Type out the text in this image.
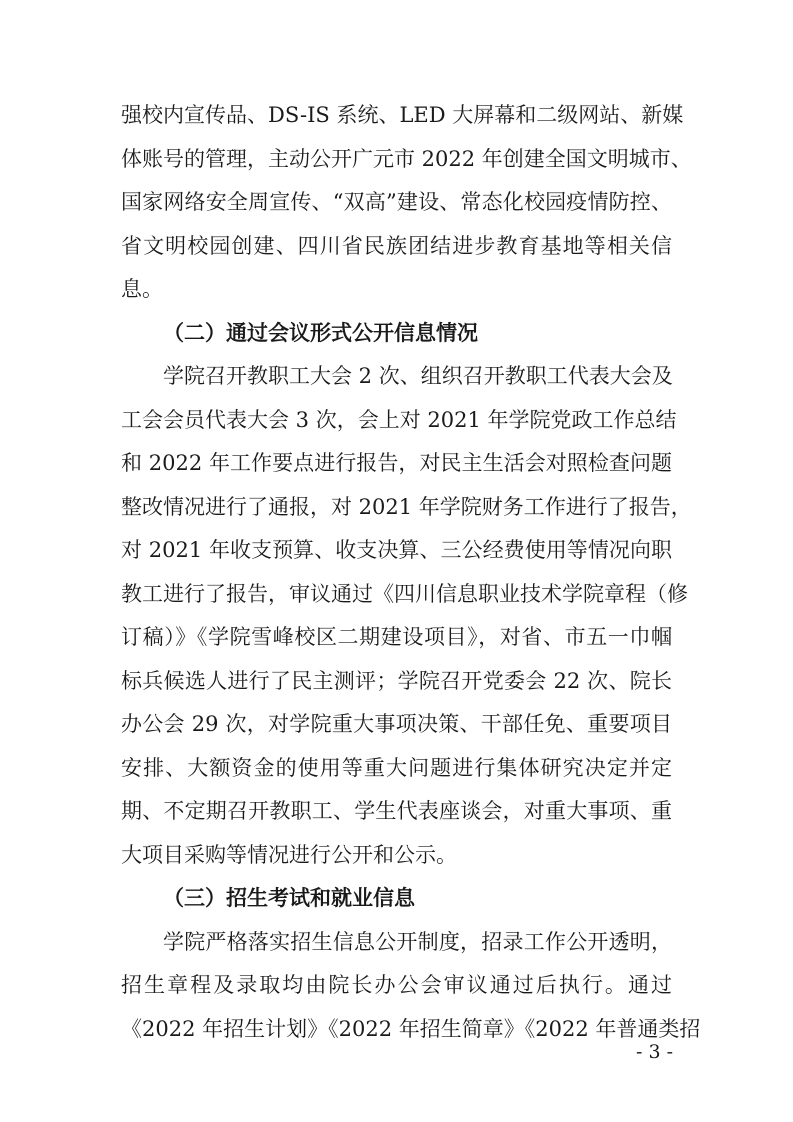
强校内宣传品、DS-IS 系统、LED 大屏幕和二级网站、新媒
体账号的管理，主动公开广元市 2022 年创建全国文明城市、
国家网络安全周宣传、“双高”建设、常态化校园疫情防控、
省文明校园创建、四川省民族团结进步教育基地等相关信
息。
（二）通过会议形式公开信息情况
学院召开教职工大会 2 次、组织召开教职工代表大会及
工会会员代表大会 3 次，会上对 2021 年学院党政工作总结
和 2022 年工作要点进行报告，对民主生活会对照检查问题
整改情况进行了通报，对 2021 年学院财务工作进行了报告，
对 2021 年收支预算、收支决算、三公经费使用等情况向职
教工进行了报告，审议通过《四川信息职业技术学院章程（修
订稿）》《学院雪峰校区二期建设项目》，对省、市五一巾帼
标兵候选人进行了民主测评；学院召开党委会 22 次、院长
办公会 29 次，对学院重大事项决策、干部任免、重要项目
安排、大额资金的使用等重大问题进行集体研究决定并定
期、不定期召开教职工、学生代表座谈会，对重大事项、重
大项目采购等情况进行公开和公示。
（三）招生考试和就业信息
学院严格落实招生信息公开制度，招录工作公开透明，
招生章程及录取均由院长办公会审议通过后执行。通过
《2022 年招生计划》《2022 年招生简章》《2022 年普通类招
- 3 -
